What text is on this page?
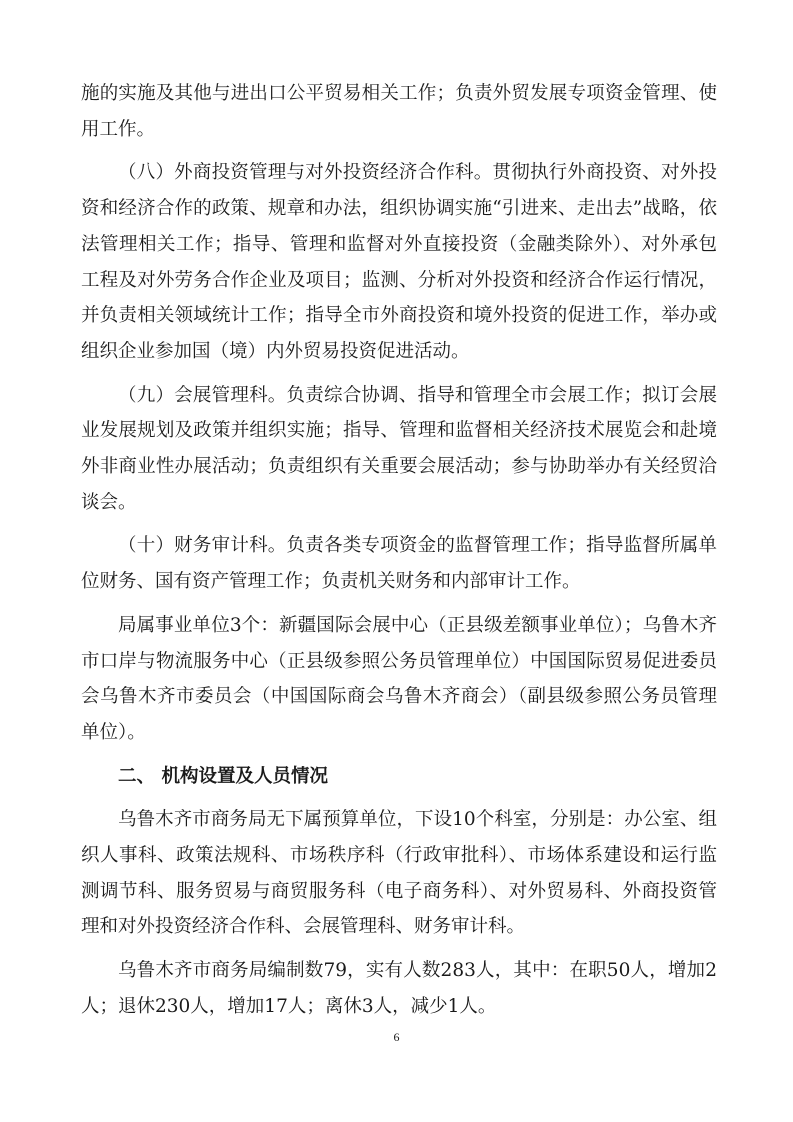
施的实施及其他与进出口公平贸易相关工作；负责外贸发展专项资金管理、使用工作。

（八）外商投资管理与对外投资经济合作科。贯彻执行外商投资、对外投资和经济合作的政策、规章和办法，组织协调实施“引进来、走出去”战略，依法管理相关工作；指导、管理和监督对外直接投资（金融类除外）、对外承包工程及对外劳务合作企业及项目；监测、分析对外投资和经济合作运行情况，并负责相关领域统计工作；指导全市外商投资和境外投资的促进工作，举办或组织企业参加国（境）内外贸易投资促进活动。

（九）会展管理科。负责综合协调、指导和管理全市会展工作；拟订会展业发展规划及政策并组织实施；指导、管理和监督相关经济技术展览会和赴境外非商业性办展活动；负责组织有关重要会展活动；参与协助举办有关经贸洽谈会。

（十）财务审计科。负责各类专项资金的监督管理工作；指导监督所属单位财务、国有资产管理工作；负责机关财务和内部审计工作。

局属事业单位3个：新疆国际会展中心（正县级差额事业单位）；乌鲁木齐市口岸与物流服务中心（正县级参照公务员管理单位）中国国际贸易促进委员会乌鲁木齐市委员会（中国国际商会乌鲁木齐商会）（副县级参照公务员管理单位）。

二、 机构设置及人员情况

乌鲁木齐市商务局无下属预算单位，下设10个科室，分别是：办公室、组织人事科、政策法规科、市场秩序科（行政审批科）、市场体系建设和运行监测调节科、服务贸易与商贸服务科（电子商务科）、对外贸易科、外商投资管理和对外投资经济合作科、会展管理科、财务审计科。

乌鲁木齐市商务局编制数79，实有人数283人，其中：在职50人，增加2人；退休230人，增加17人；离休3人，减少1人。

6
